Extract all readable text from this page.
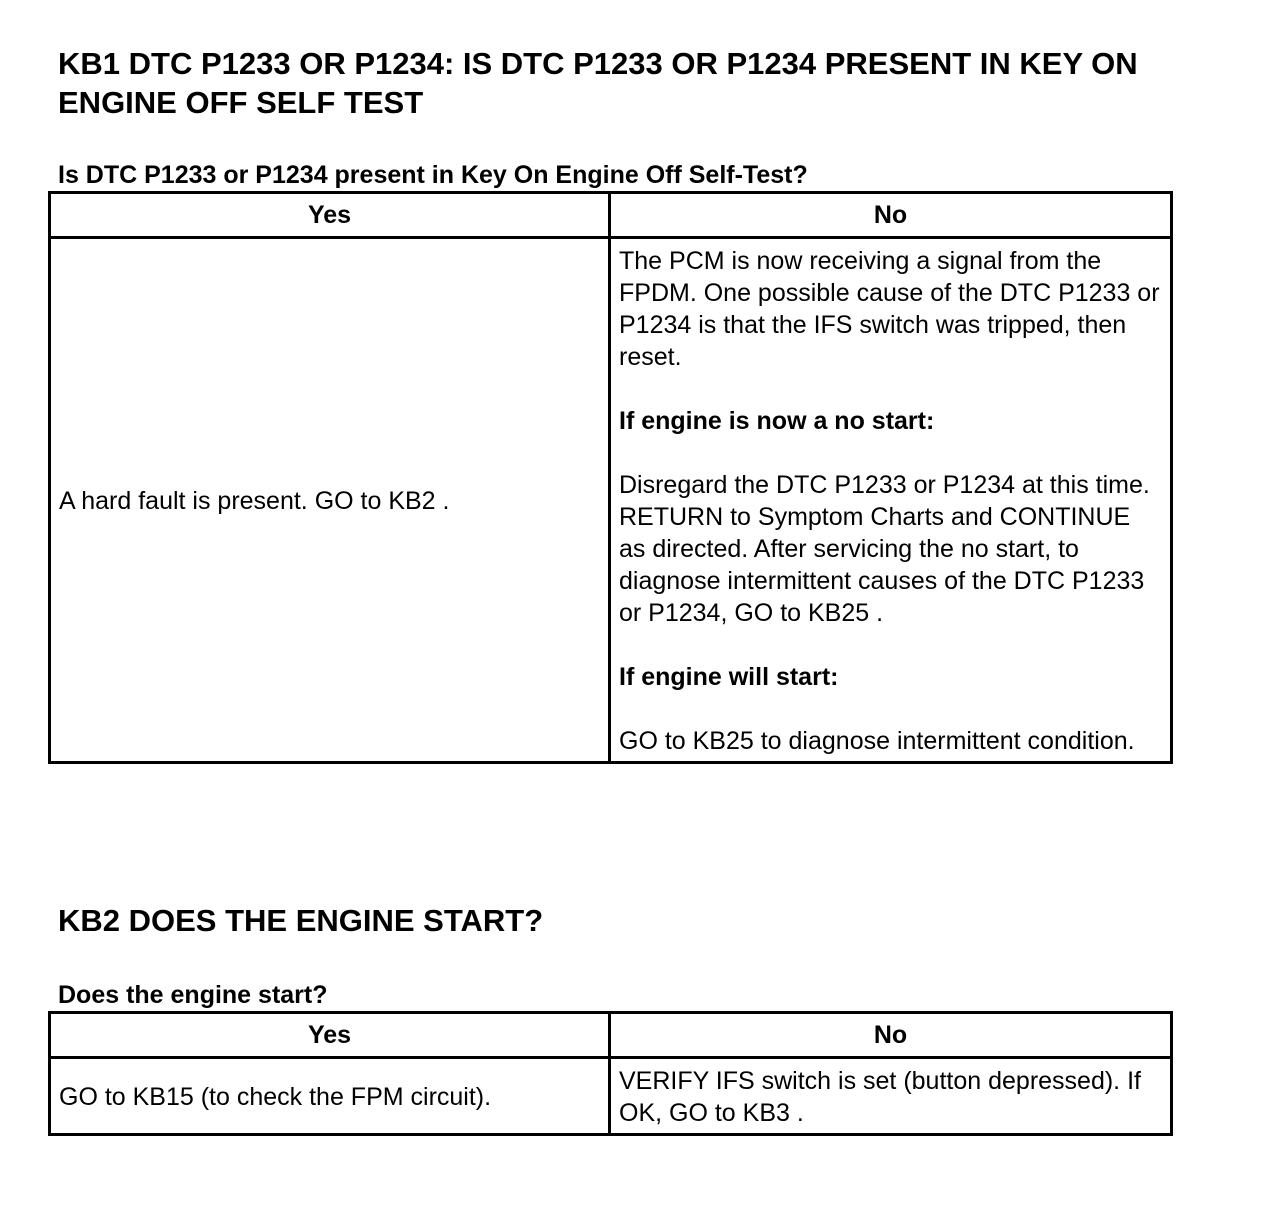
KB1 DTC P1233 OR P1234: IS DTC P1233 OR P1234 PRESENT IN KEY ON ENGINE OFF SELF TEST

Is DTC P1233 or P1234 present in Key On Engine Off Self-Test?

Yes	No
A hard fault is present. GO to KB2 .	The PCM is now receiving a signal from the FPDM. One possible cause of the DTC P1233 or P1234 is that the IFS switch was tripped, then reset.

If engine is now a no start:

Disregard the DTC P1233 or P1234 at this time. RETURN to Symptom Charts and CONTINUE as directed. After servicing the no start, to diagnose intermittent causes of the DTC P1233 or P1234, GO to KB25 .

If engine will start:

GO to KB25 to diagnose intermittent condition.

KB2 DOES THE ENGINE START?

Does the engine start?

Yes	No
GO to KB15 (to check the FPM circuit).	VERIFY IFS switch is set (button depressed). If OK, GO to KB3 .
